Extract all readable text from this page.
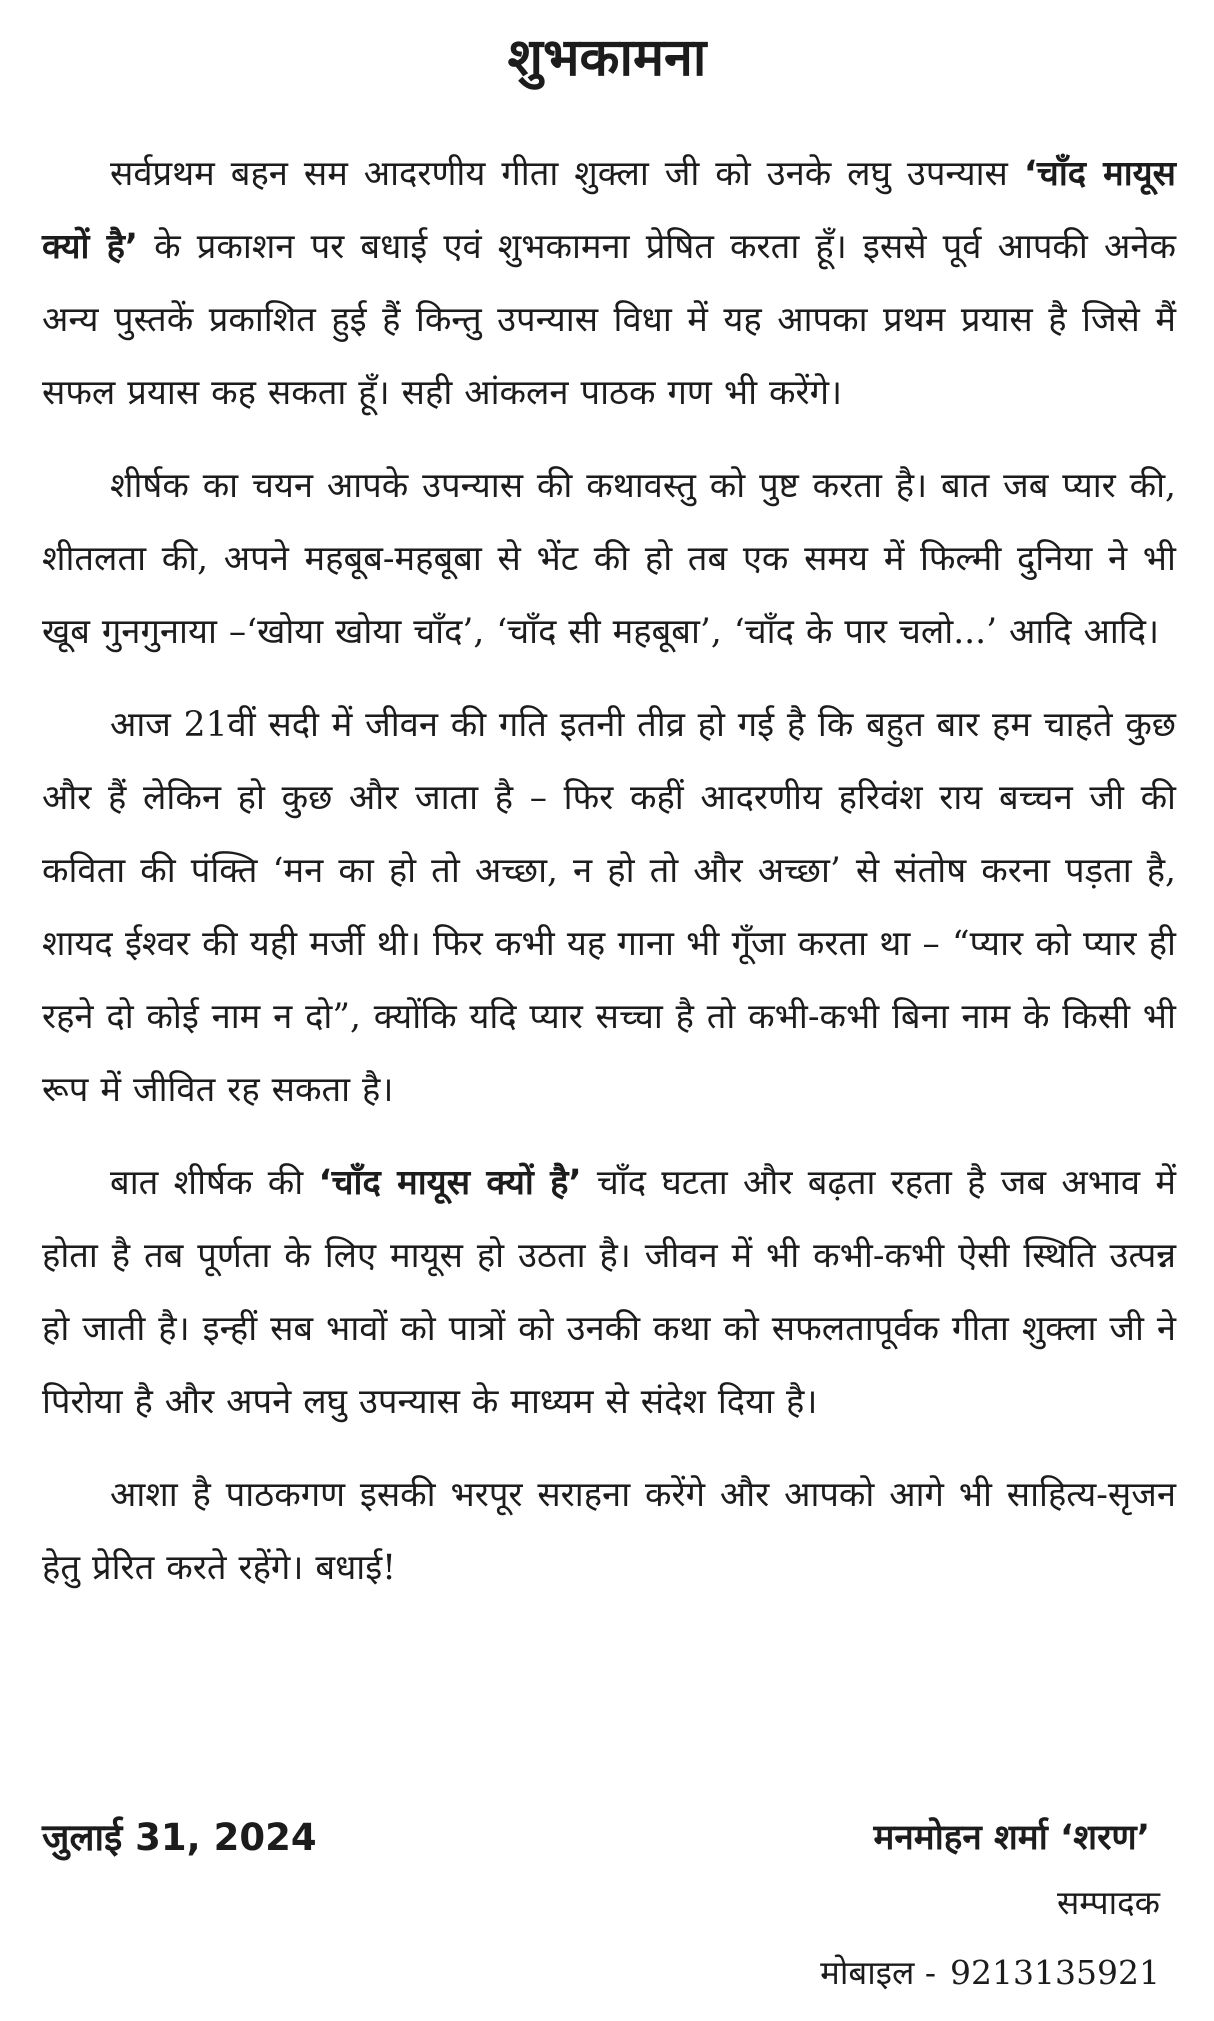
शुभकामना

सर्वप्रथम बहन सम आदरणीय गीता शुक्ला जी को उनके लघु उपन्यास ‘चाँद मायूस क्यों है’ के प्रकाशन पर बधाई एवं शुभकामना प्रेषित करता हूँ। इससे पूर्व आपकी अनेक अन्य पुस्तकें प्रकाशित हुई हैं किन्तु उपन्यास विधा में यह आपका प्रथम प्रयास है जिसे मैं सफल प्रयास कह सकता हूँ। सही आंकलन पाठक गण भी करेंगे।

शीर्षक का चयन आपके उपन्यास की कथावस्तु को पुष्ट करता है। बात जब प्यार की, शीतलता की, अपने महबूब-महबूबा से भेंट की हो तब एक समय में फिल्मी दुनिया ने भी खूब गुनगुनाया –‘खोया खोया चाँद’, ‘चाँद सी महबूबा’, ‘चाँद के पार चलो...’ आदि आदि।

आज 21वीं सदी में जीवन की गति इतनी तीव्र हो गई है कि बहुत बार हम चाहते कुछ और हैं लेकिन हो कुछ और जाता है – फिर कहीं आदरणीय हरिवंश राय बच्चन जी की कविता की पंक्ति ‘मन का हो तो अच्छा, न हो तो और अच्छा’ से संतोष करना पड़ता है, शायद ईश्वर की यही मर्जी थी। फिर कभी यह गाना भी गूँजा करता था – “प्यार को प्यार ही रहने दो कोई नाम न दो”, क्योंकि यदि प्यार सच्चा है तो कभी-कभी बिना नाम के किसी भी रूप में जीवित रह सकता है।

बात शीर्षक की ‘चाँद मायूस क्यों है’ चाँद घटता और बढ़ता रहता है जब अभाव में होता है तब पूर्णता के लिए मायूस हो उठता है। जीवन में भी कभी-कभी ऐसी स्थिति उत्पन्न हो जाती है। इन्हीं सब भावों को पात्रों को उनकी कथा को सफलतापूर्वक गीता शुक्ला जी ने पिरोया है और अपने लघु उपन्यास के माध्यम से संदेश दिया है।

आशा है पाठकगण इसकी भरपूर सराहना करेंगे और आपको आगे भी साहित्य-सृजन हेतु प्रेरित करते रहेंगे। बधाई!

जुलाई 31, 2024	मनमोहन शर्मा ‘शरण’
सम्पादक
मोबाइल - 9213135921
